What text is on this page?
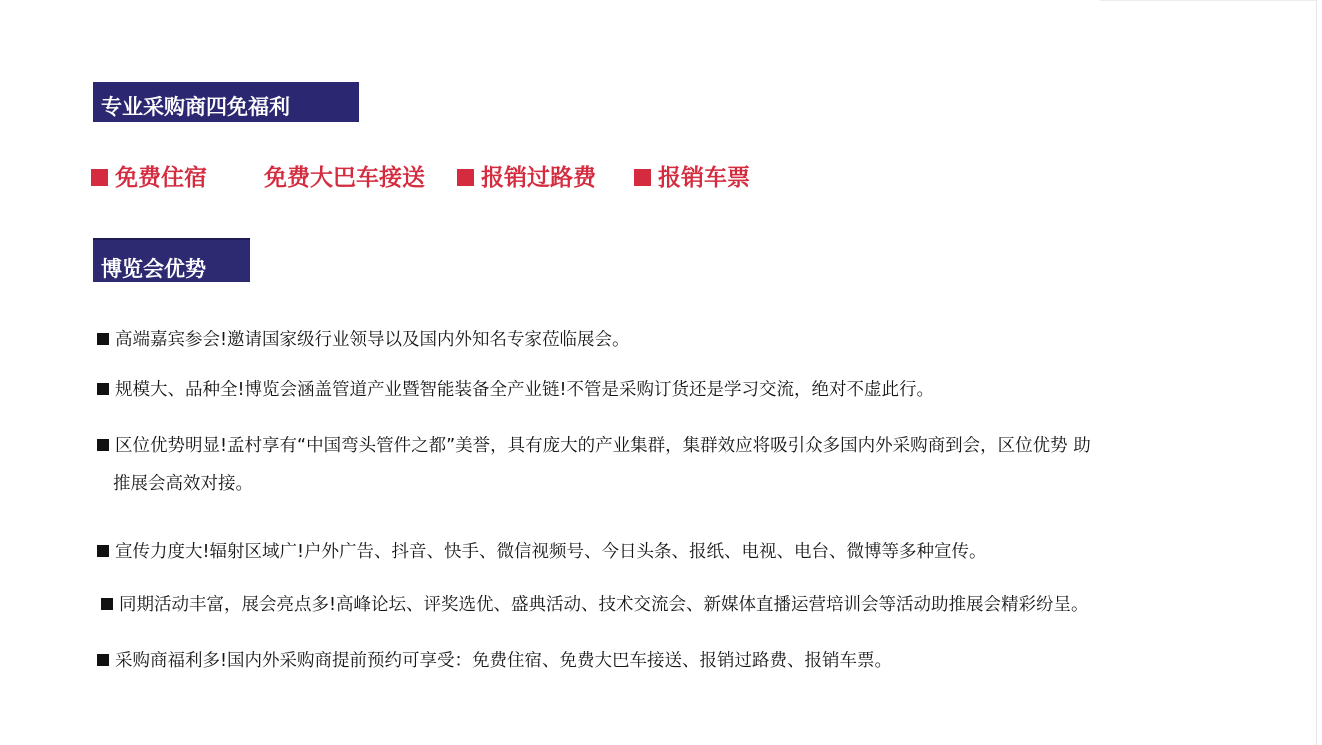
专业采购商四免福利
免费住宿 免费大巴车接送	报销过路费	报销车票
博览会优势
高端嘉宾参会!邀请国家级行业领导以及国内外知名专家莅临展会。
规模大、品种全!博览会涵盖管道产业暨智能装备全产业链!不管是采购订货还是学习交流，绝对不虚此行。
区位优势明显!孟村享有“中国弯头管件之都”美誉，具有庞大的产业集群，集群效应将吸引众多国内外采购商到会，区位优势 助
推展会高效对接。
宣传力度大!辐射区域广!户外广告、抖音、快手、微信视频号、今日头条、报纸、电视、电台、微博等多种宣传。
同期活动丰富，展会亮点多!高峰论坛、评奖选优、盛典活动、技术交流会、新媒体直播运营培训会等活动助推展会精彩纷呈。
采购商福利多!国内外采购商提前预约可享受：免费住宿、免费大巴车接送、报销过路费、报销车票。
